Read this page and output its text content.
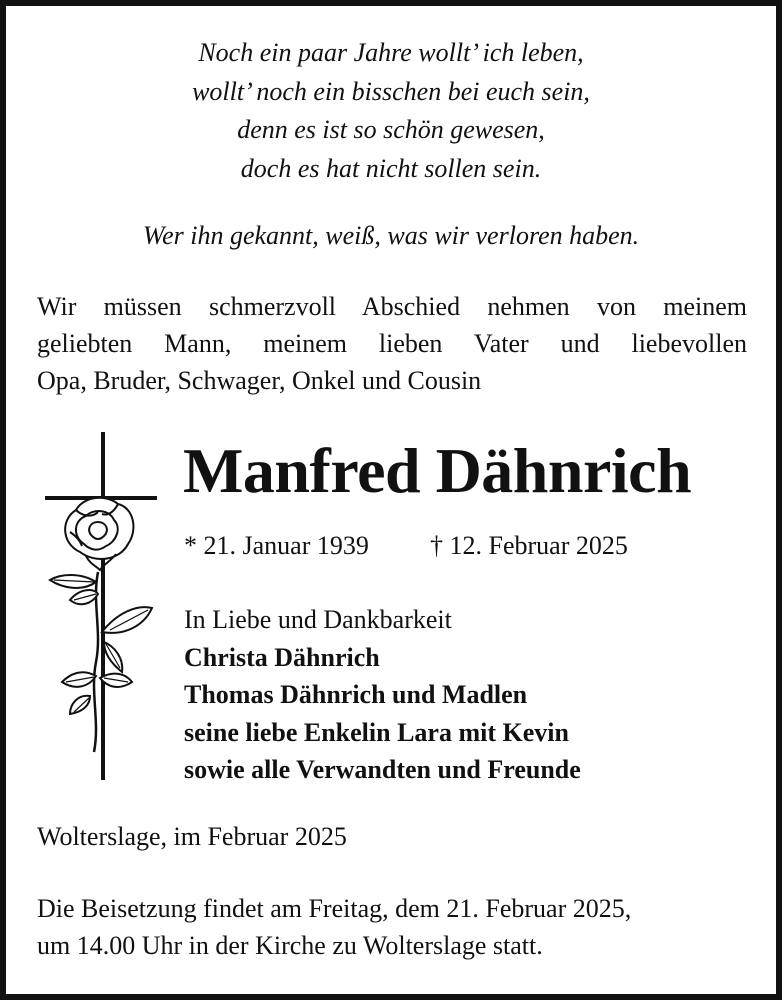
Noch ein paar Jahre wollt’ ich leben,
wollt’ noch ein bisschen bei euch sein,
denn es ist so schön gewesen,
doch es hat nicht sollen sein.
Wer ihn gekannt, weiß, was wir verloren haben.
Wir müssen schmerzvoll Abschied nehmen von meinem
geliebten Mann, meinem lieben Vater und liebevollen
Opa, Bruder, Schwager, Onkel und Cousin
Manfred Dähnrich
* 21. Januar 1939 † 12. Februar 2025
In Liebe und Dankbarkeit
Christa Dähnrich
Thomas Dähnrich und Madlen
seine liebe Enkelin Lara mit Kevin
sowie alle Verwandten und Freunde
Wolterslage, im Februar 2025
Die Beisetzung findet am Freitag, dem 21. Februar 2025,
um 14.00 Uhr in der Kirche zu Wolterslage statt.
